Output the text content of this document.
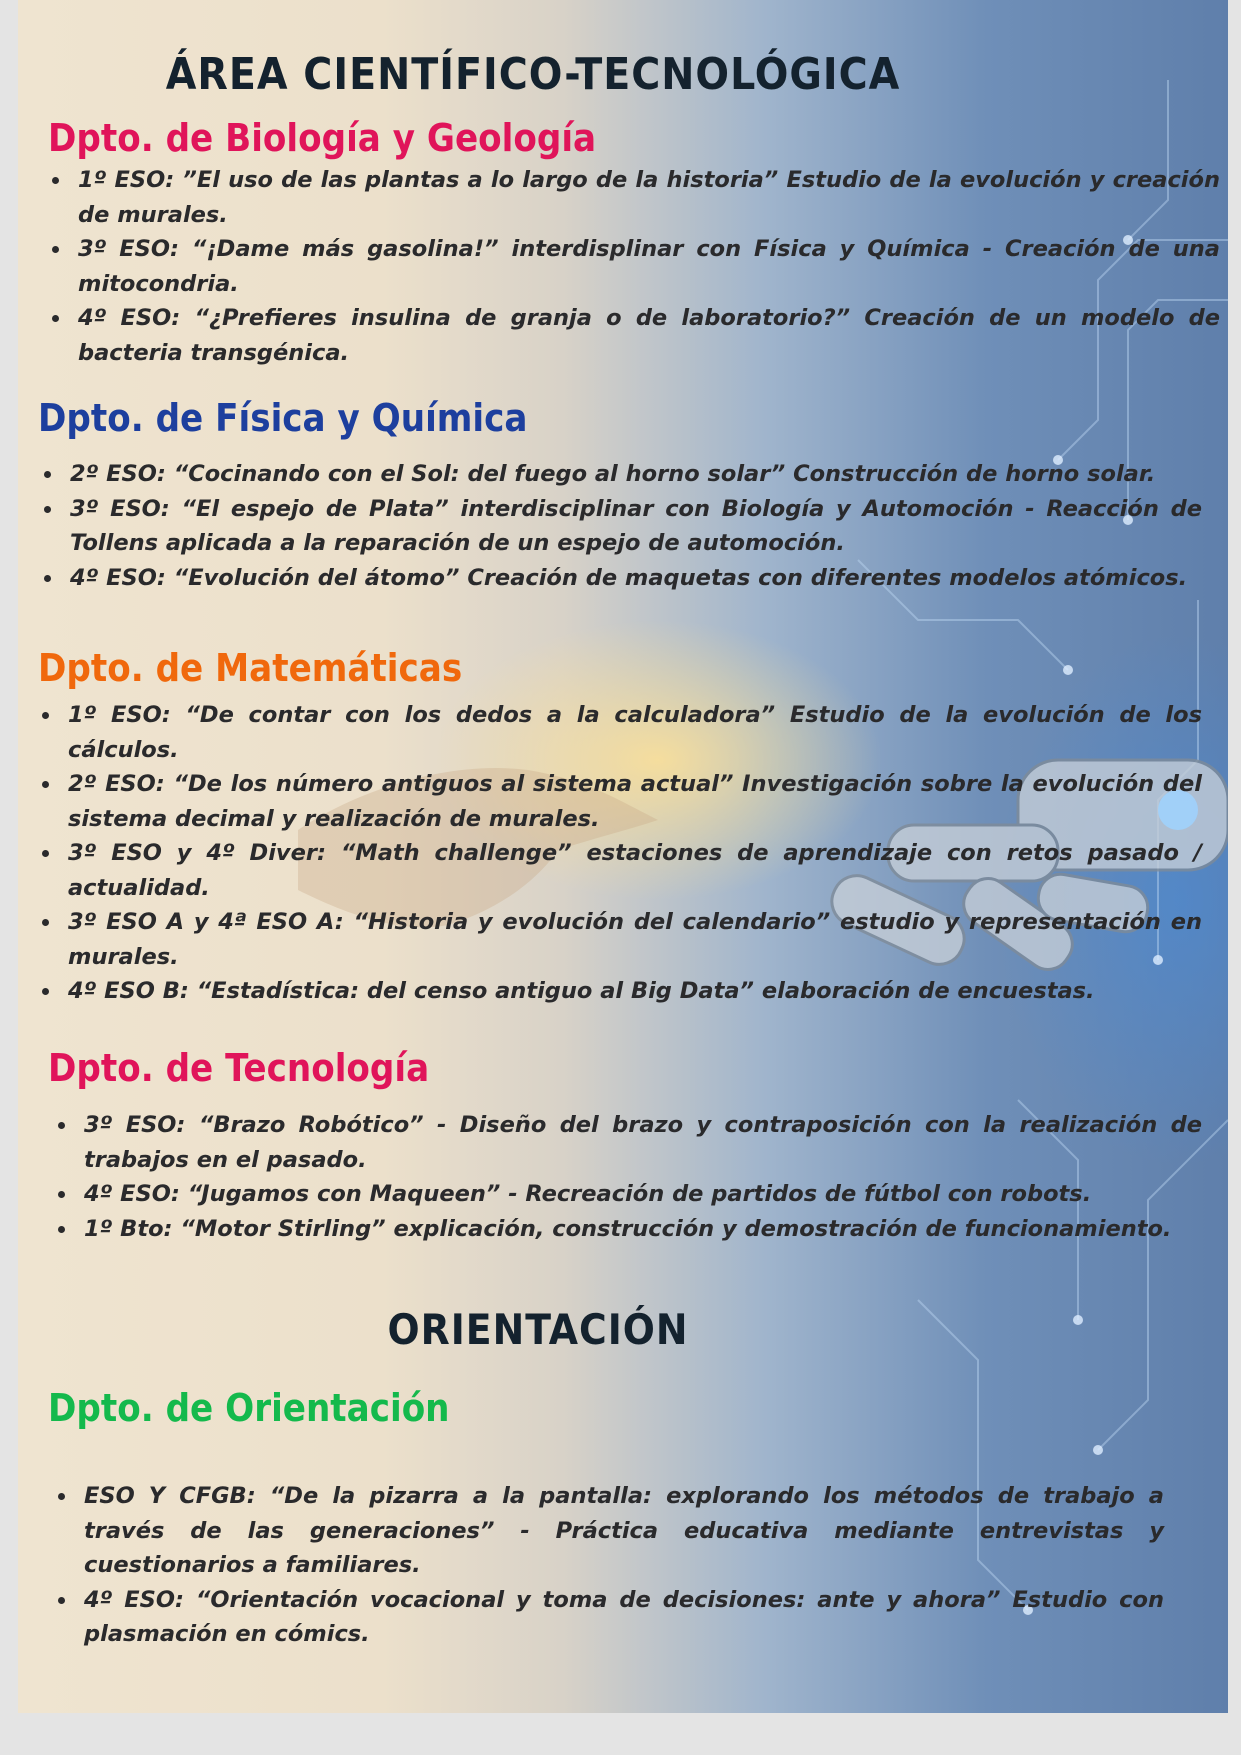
ÁREA CIENTÍFICO-TECNOLÓGICA
Dpto. de Biología y Geología
1º ESO: ”El uso de las plantas a lo largo de la historia” Estudio de la evolución y creación de murales.
3º ESO: “¡Dame más gasolina!” interdisplinar con Física y Química - Creación de una mitocondria.
4º ESO: “¿Prefieres insulina de granja o de laboratorio?” Creación de un modelo de bacteria transgénica.
Dpto. de Física y Química
2º ESO: “Cocinando con el Sol: del fuego al horno solar” Construcción de horno solar.
3º ESO: “El espejo de Plata” interdisciplinar con Biología y Automoción - Reacción de Tollens aplicada a la reparación de un espejo de automoción.
4º ESO: “Evolución del átomo” Creación de maquetas con diferentes modelos atómicos.
Dpto. de Matemáticas
1º ESO: “De contar con los dedos a la calculadora” Estudio de la evolución de los cálculos.
2º ESO: “De los número antiguos al sistema actual” Investigación sobre la evolución del sistema decimal y realización de murales.
3º ESO y 4º Diver: “Math challenge” estaciones de aprendizaje con retos pasado / actualidad.
3º ESO A y 4ª ESO A: “Historia y evolución del calendario” estudio y representación en murales.
4º ESO B: “Estadística: del censo antiguo al Big Data” elaboración de encuestas.
Dpto. de Tecnología
3º ESO: “Brazo Robótico” - Diseño del brazo y contraposición con la realización de trabajos en el pasado.
4º ESO: “Jugamos con Maqueen” - Recreación de partidos de fútbol con robots.
1º Bto: “Motor Stirling” explicación, construcción y demostración de funcionamiento.
ORIENTACIÓN
Dpto. de Orientación
ESO Y CFGB: “De la pizarra a la pantalla: explorando los métodos de trabajo a través de las generaciones” - Práctica educativa mediante entrevistas y cuestionarios a familiares.
4º ESO: “Orientación vocacional y toma de decisiones: ante y ahora” Estudio con plasmación en cómics.
